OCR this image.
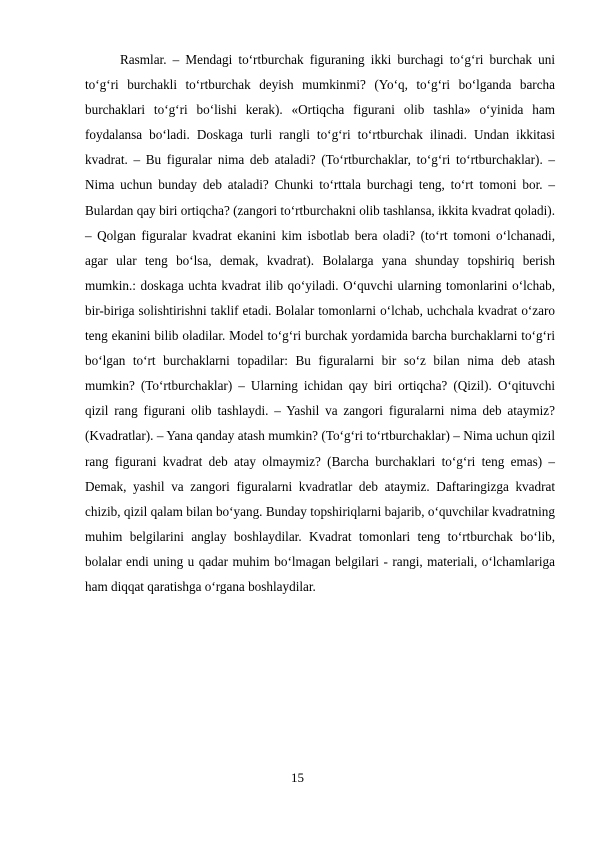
Rasmlar. – Mendagi to‘rtburchak figuraning ikki burchagi to‘g‘ri burchak uni to‘g‘ri burchakli to‘rtburchak deyish mumkinmi? (Yo‘q, to‘g‘ri bo‘lganda barcha burchaklari to‘g‘ri bo‘lishi kerak). «Ortiqcha figurani olib tashla» o‘yinida ham foydalansa bo‘ladi. Doskaga turli rangli to‘g‘ri to‘rtburchak ilinadi. Undan ikkitasi kvadrat. – Bu figuralar nima deb ataladi? (To‘rtburchaklar, to‘g‘ri to‘rtburchaklar). – Nima uchun bunday deb ataladi? Chunki to‘rttala burchagi teng, to‘rt tomoni bor. – Bulardan qay biri ortiqcha? (zangori to‘rtburchakni olib tashlansa, ikkita kvadrat qoladi). – Qolgan figuralar kvadrat ekanini kim isbotlab bera oladi? (to‘rt tomoni o‘lchanadi, agar ular teng bo‘lsa, demak, kvadrat). Bolalarga yana shunday topshiriq berish mumkin.: doskaga uchta kvadrat ilib qo‘yiladi. O‘quvchi ularning tomonlarini o‘lchab, bir-biriga solishtirishni taklif etadi. Bolalar tomonlarni o‘lchab, uchchala kvadrat o‘zaro teng ekanini bilib oladilar. Model to‘g‘ri burchak yordamida barcha burchaklarni to‘g‘ri bo‘lgan to‘rt burchaklarni topadilar: Bu figuralarni bir so‘z bilan nima deb atash mumkin? (To‘rtburchaklar) – Ularning ichidan qay biri ortiqcha? (Qizil). O‘qituvchi qizil rang figurani olib tashlaydi. – Yashil va zangori figuralarni nima deb ataymiz? (Kvadratlar). – Yana qanday atash mumkin? (To‘g‘ri to‘rtburchaklar) – Nima uchun qizil rang figurani kvadrat deb atay olmaymiz? (Barcha burchaklari to‘g‘ri teng emas) – Demak, yashil va zangori figuralarni kvadratlar deb ataymiz. Daftaringizga kvadrat chizib, qizil qalam bilan bo‘yang. Bunday topshiriqlarni bajarib, o‘quvchilar kvadratning muhim belgilarini anglay boshlaydilar. Kvadrat tomonlari teng to‘rtburchak bo‘lib, bolalar endi uning u qadar muhim bo‘lmagan belgilari - rangi, materiali, o‘lchamlariga ham diqqat qaratishga o‘rgana boshlaydilar.

15
